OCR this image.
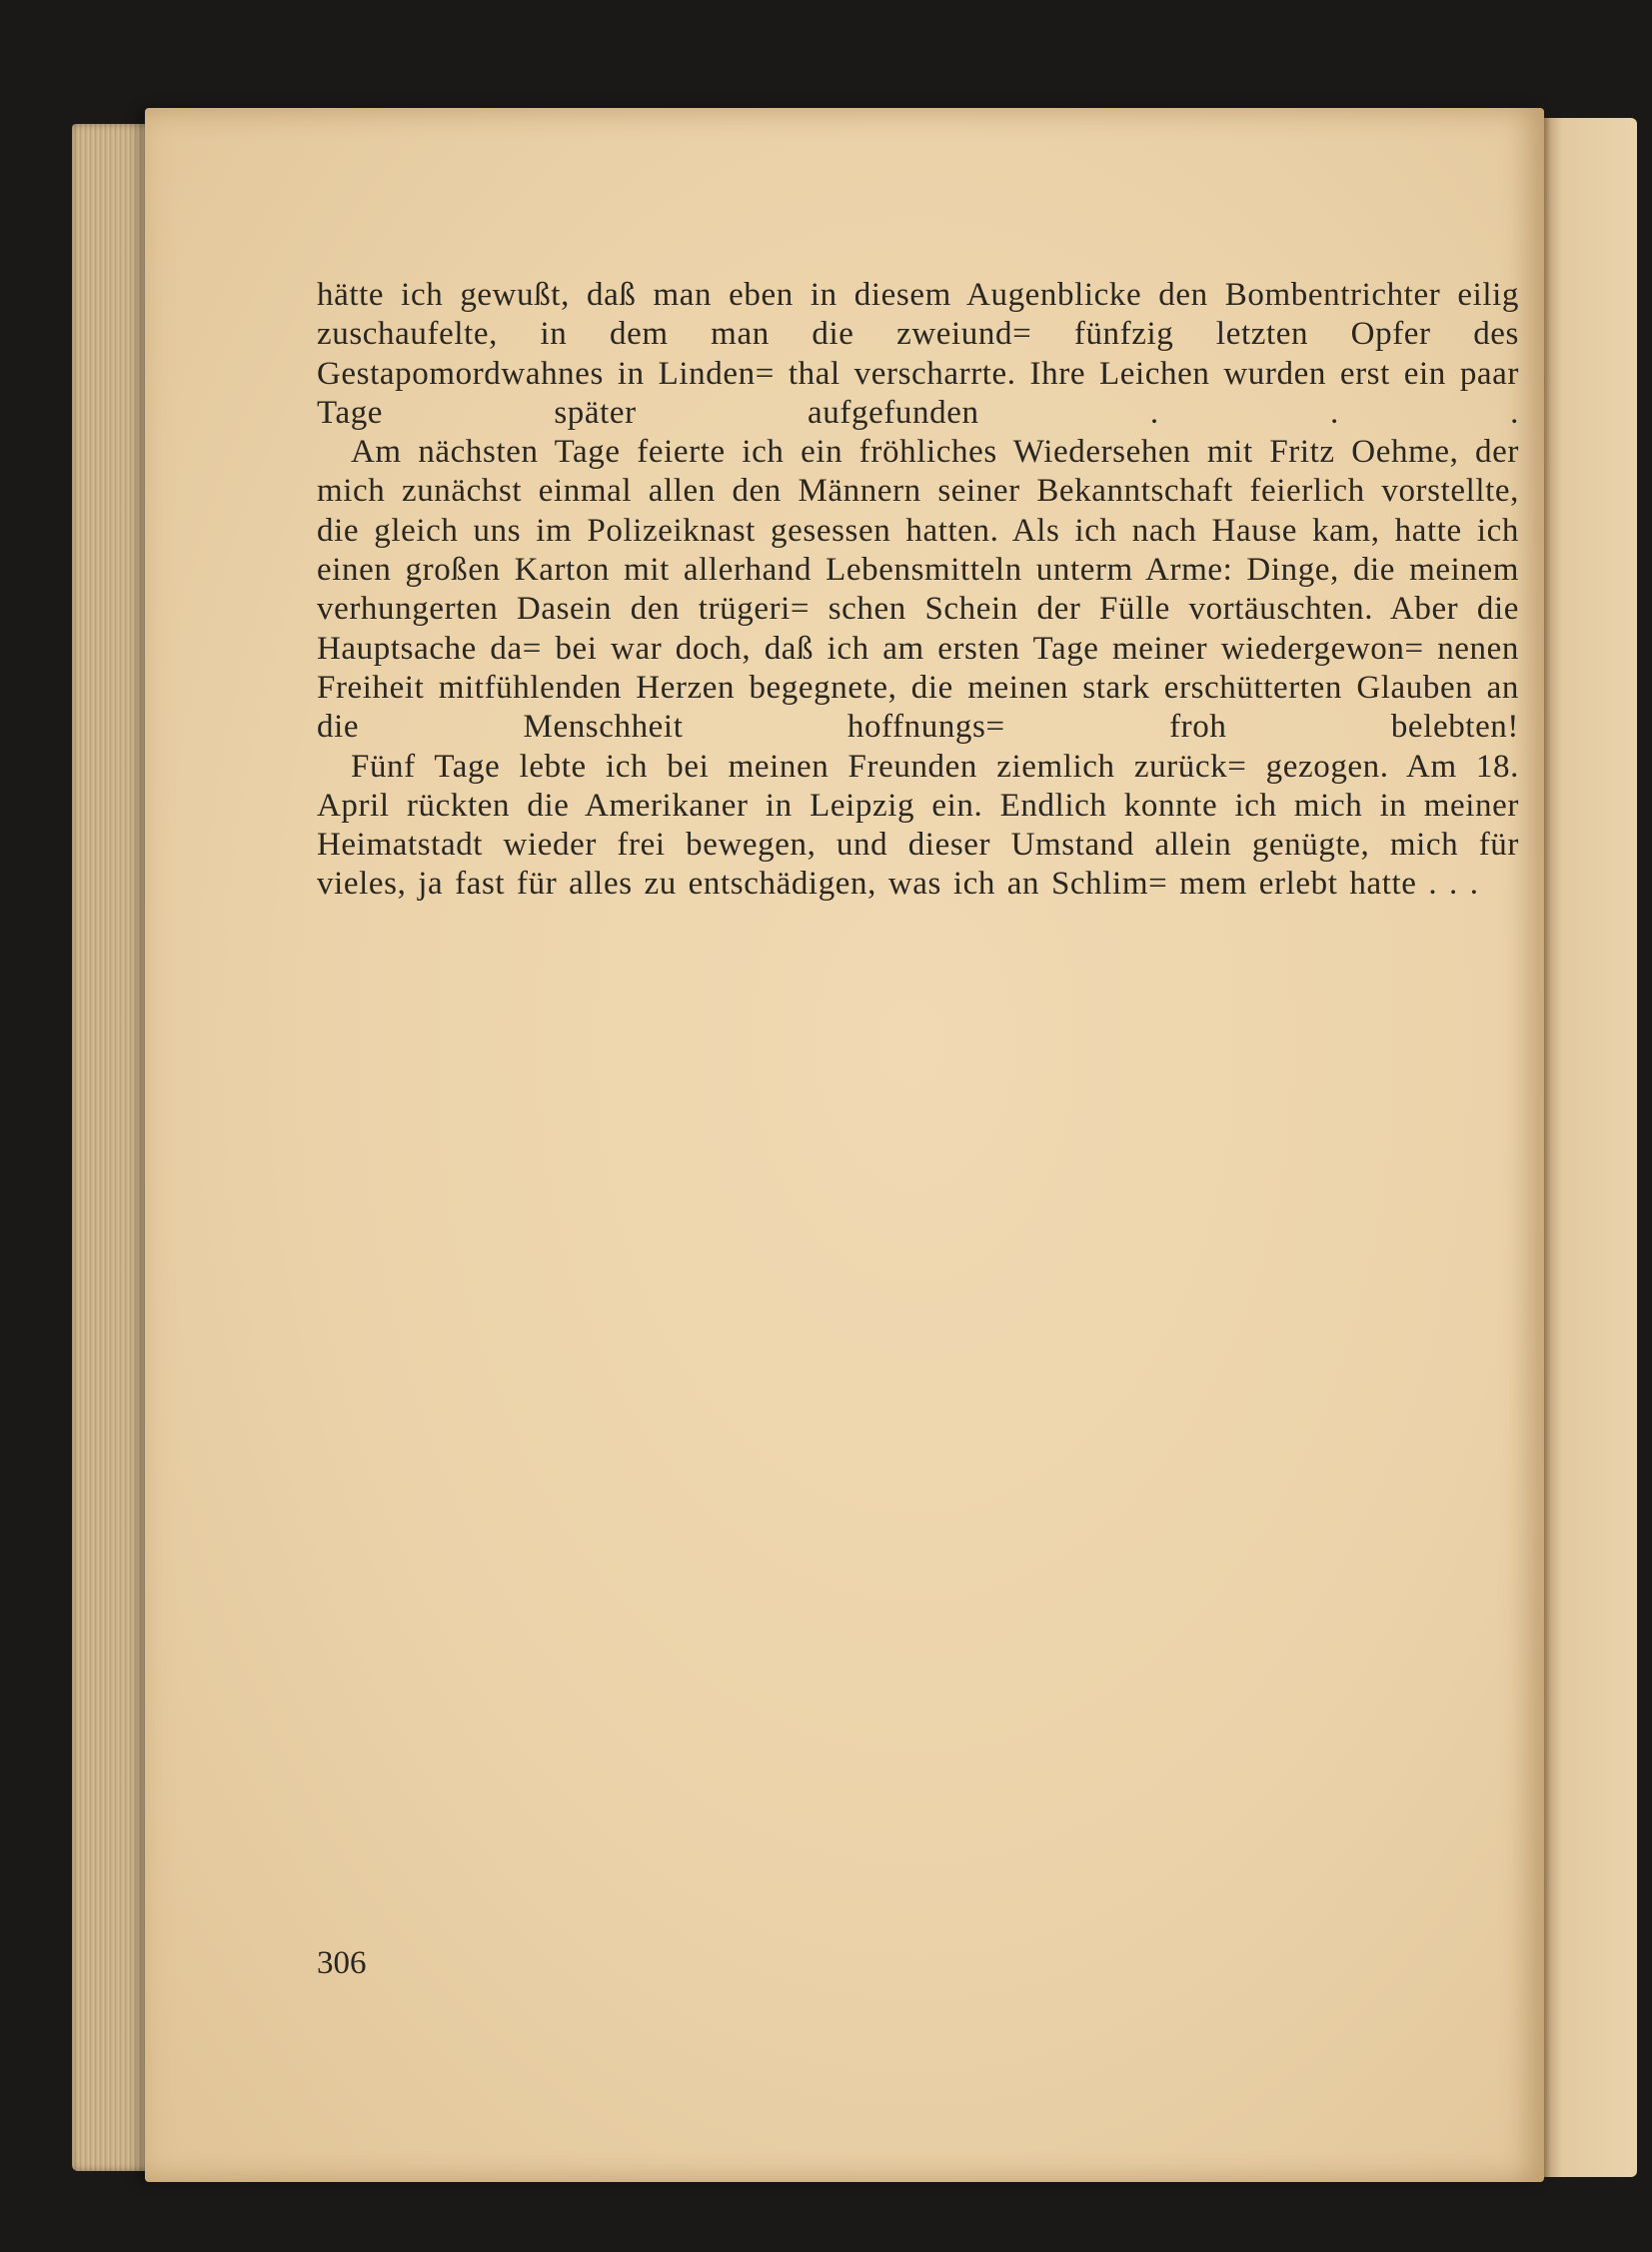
hätte ich gewußt, daß man eben in diesem Augenblicke den Bombentrichter eilig zuschaufelte, in dem man die zweiund= fünfzig letzten Opfer des Gestapomordwahnes in Linden= thal verscharrte. Ihre Leichen wurden erst ein paar Tage später aufgefunden . . .

Am nächsten Tage feierte ich ein fröhliches Wiedersehen mit Fritz Oehme, der mich zunächst einmal allen den Männern seiner Bekanntschaft feierlich vorstellte, die gleich uns im Polizeiknast gesessen hatten. Als ich nach Hause kam, hatte ich einen großen Karton mit allerhand Lebensmitteln unterm Arme: Dinge, die meinem verhungerten Dasein den trügeri= schen Schein der Fülle vortäuschten. Aber die Hauptsache da= bei war doch, daß ich am ersten Tage meiner wiedergewon= nenen Freiheit mitfühlenden Herzen begegnete, die meinen stark erschütterten Glauben an die Menschheit hoffnungs= froh belebten!

Fünf Tage lebte ich bei meinen Freunden ziemlich zurück= gezogen. Am 18. April rückten die Amerikaner in Leipzig ein. Endlich konnte ich mich in meiner Heimatstadt wieder frei bewegen, und dieser Umstand allein genügte, mich für vieles, ja fast für alles zu entschädigen, was ich an Schlim= mem erlebt hatte . . .

306
